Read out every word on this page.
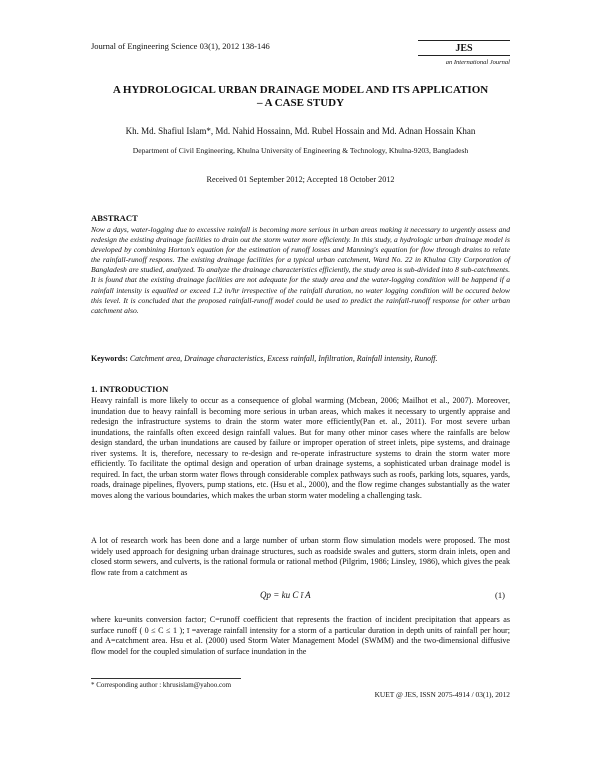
Journal of Engineering Science 03(1), 2012 138-146	JES
an International Journal
A HYDROLOGICAL URBAN DRAINAGE MODEL AND ITS APPLICATION
– A CASE STUDY
Kh. Md. Shafiul Islam*, Md. Nahid Hossainn, Md. Rubel Hossain and Md. Adnan Hossain Khan
Department of Civil Engineering, Khulna University of Engineering & Technology, Khulna-9203, Bangladesh
Received 01 September 2012; Accepted 18 October 2012
ABSTRACT

Now a days, water-logging due to excessive rainfall is becoming more serious in urban areas making it necessary to urgently assess and redesign the existing drainage facilities to drain out the storm water more efficiently. In this study, a hydrologic urban drainage model is developed by combining Horton's equation for the estimation of runoff losses and Manning's equation for flow through drains to relate the rainfall-runoff respons. The existing drainage facilities for a typical urban catchment, Ward No. 22 in Khulna City Corporation of Bangladesh are studied, analyzed. To analyze the drainage characteristics efficiently, the study area is sub-divided into 8 sub-catchments. It is found that the existing drainage facilities are not adequate for the study area and the water-logging condition will be happend if a rainfall intensity is equalled or exceed 1.2 in/hr irrespective of the rainfall duration, no water logging condition will be occured below this level. It is concluded that the proposed rainfall-runoff model could be used to predict the rainfall-runoff response for other urban catchment also.

Keywords: Catchment area, Drainage characteristics, Excess rainfall, Infiltration, Rainfall intensity, Runoff.
1. INTRODUCTION

Heavy rainfall is more likely to occur as a consequence of global warming (Mcbean, 2006; Mailhot et al., 2007). Moreover, inundation due to heavy rainfall is becoming more serious in urban areas, which makes it necessary to urgently appraise and redesign the infrastructure systems to drain the storm water more efficiently(Pan et. al., 2011). For most severe urban inundations, the rainfalls often exceed design rainfall values. But for many other minor cases where the rainfalls are below design standard, the urban inundations are caused by failure or improper operation of street inlets, pipe systems, and drainage river systems. It is, therefore, necessary to re-design and re-operate infrastructure systems to drain the storm water more efficiently. To facilitate the optimal design and operation of urban drainage systems, a sophisticated urban drainage model is required. In fact, the urban storm water flows through considerable complex pathways such as roofs, parking lots, squares, yards, roads, drainage pipelines, flyovers, pump stations, etc. (Hsu et al., 2000), and the flow regime changes substantially as the water moves along the various boundaries, which makes the urban storm water modeling a challenging task.

A lot of research work has been done and a large number of urban storm flow simulation models were proposed. The most widely used approach for designing urban drainage structures, such as roadside swales and gutters, storm drain inlets, open and closed storm sewers, and culverts, is the rational formula or rational method (Pilgrim, 1986; Linsley, 1986), which gives the peak flow rate from a catchment as

Qp = ku C ī A	(1)

where ku=units conversion factor; C=runoff coefficient that represents the fraction of incident precipitation that appears as surface runoff ( 0 ≤ C ≤ 1 ); ī =average rainfall intensity for a storm of a particular duration in depth units of rainfall per hour; and A=catchment area. Hsu et al. (2000) used Storm Water Management Model (SWMM) and the two-dimensional diffusive flow model for the coupled simulation of surface inundation in the

* Corresponding author : khrusislam@yahoo.com
KUET @ JES, ISSN 2075-4914 / 03(1), 2012
